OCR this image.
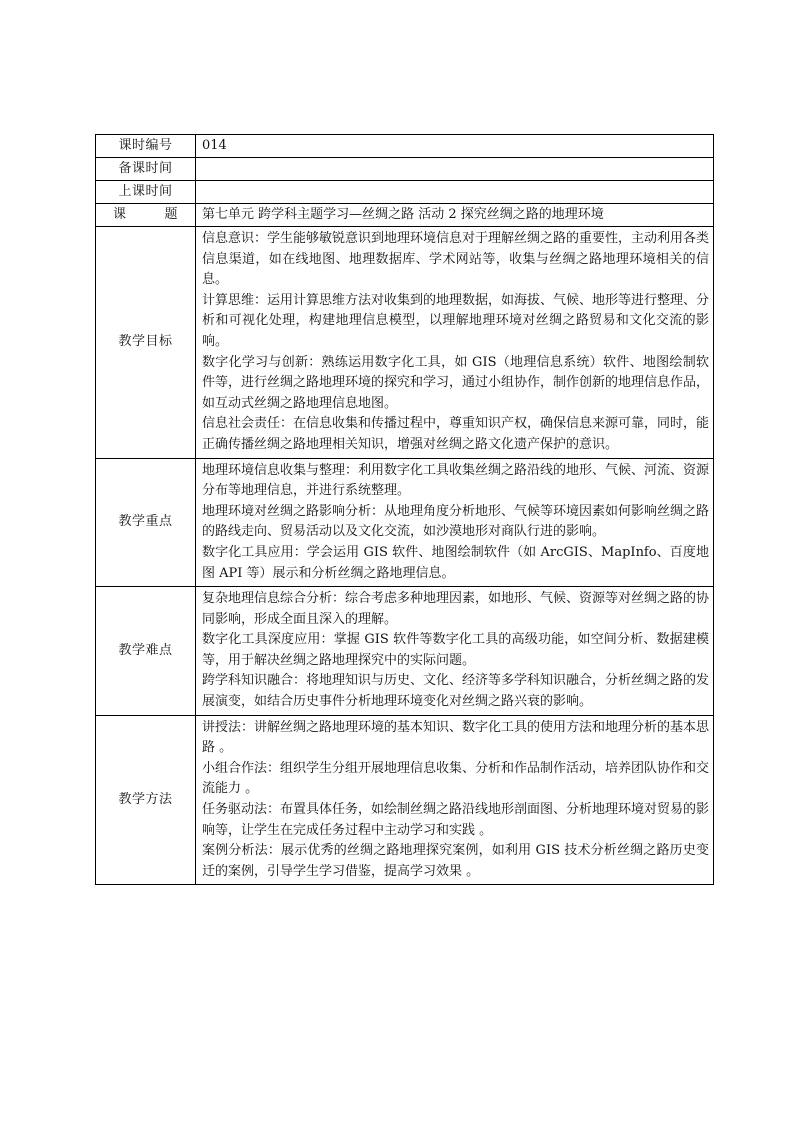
课时编号	014
备课时间	
上课时间	
课 题	第七单元 跨学科主题学习—丝绸之路 活动 2 探究丝绸之路的地理环境
教学目标	信息意识：学生能够敏锐意识到地理环境信息对于理解丝绸之路的重要性，主动利用各类信息渠道，如在线地图、地理数据库、学术网站等，收集与丝绸之路地理环境相关的信息。
计算思维：运用计算思维方法对收集到的地理数据，如海拔、气候、地形等进行整理、分析和可视化处理，构建地理信息模型，以理解地理环境对丝绸之路贸易和文化交流的影响。
数字化学习与创新：熟练运用数字化工具，如 GIS（地理信息系统）软件、地图绘制软件等，进行丝绸之路地理环境的探究和学习，通过小组协作，制作创新的地理信息作品，如互动式丝绸之路地理信息地图。
信息社会责任：在信息收集和传播过程中，尊重知识产权，确保信息来源可靠，同时，能正确传播丝绸之路地理相关知识，增强对丝绸之路文化遗产保护的意识。

教学重点	地理环境信息收集与整理：利用数字化工具收集丝绸之路沿线的地形、气候、河流、资源分布等地理信息，并进行系统整理。
地理环境对丝绸之路影响分析：从地理角度分析地形、气候等环境因素如何影响丝绸之路的路线走向、贸易活动以及文化交流，如沙漠地形对商队行进的影响。
数字化工具应用：学会运用 GIS 软件、地图绘制软件（如 ArcGIS、MapInfo、百度地图 API 等）展示和分析丝绸之路地理信息。

教学难点	复杂地理信息综合分析：综合考虑多种地理因素，如地形、气候、资源等对丝绸之路的协同影响，形成全面且深入的理解。
数字化工具深度应用：掌握 GIS 软件等数字化工具的高级功能，如空间分析、数据建模等，用于解决丝绸之路地理探究中的实际问题。
跨学科知识融合：将地理知识与历史、文化、经济等多学科知识融合，分析丝绸之路的发展演变，如结合历史事件分析地理环境变化对丝绸之路兴衰的影响。

教学方法	讲授法：讲解丝绸之路地理环境的基本知识、数字化工具的使用方法和地理分析的基本思路 。
小组合作法：组织学生分组开展地理信息收集、分析和作品制作活动，培养团队协作和交流能力 。
任务驱动法：布置具体任务，如绘制丝绸之路沿线地形剖面图、分析地理环境对贸易的影响等，让学生在完成任务过程中主动学习和实践 。
案例分析法：展示优秀的丝绸之路地理探究案例，如利用 GIS 技术分析丝绸之路历史变迁的案例，引导学生学习借鉴，提高学习效果 。
